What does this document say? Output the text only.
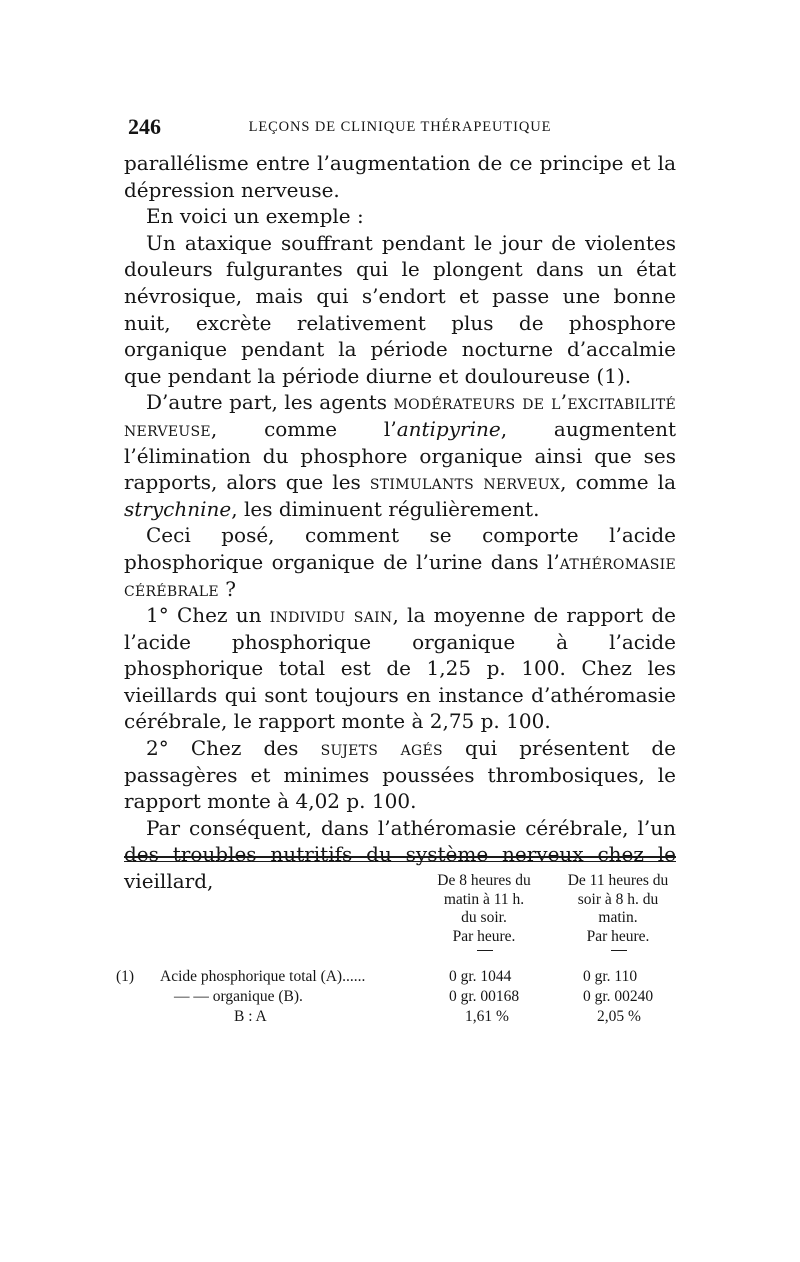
246	LEÇONS DE CLINIQUE THÉRAPEUTIQUE

parallélisme entre l’augmentation de ce principe et la dépression nerveuse.

En voici un exemple :

Un ataxique souffrant pendant le jour de violentes douleurs fulgurantes qui le plongent dans un état névrosique, mais qui s’endort et passe une bonne nuit, excrète relativement plus de phosphore organique pendant la période nocturne d’accalmie que pendant la période diurne et douloureuse (1).

D’autre part, les agents modérateurs de l’excitabilité nerveuse, comme l’antipyrine, augmentent l’élimination du phosphore organique ainsi que ses rapports, alors que les stimulants nerveux, comme la strychnine, les diminuent régulièrement.

Ceci posé, comment se comporte l’acide phosphorique organique de l’urine dans l’athéromasie cérébrale ?

1° Chez un individu sain, la moyenne de rapport de l’acide phosphorique organique à l’acide phosphorique total est de 1,25 p. 100. Chez les vieillards qui sont toujours en instance d’athéromasie cérébrale, le rapport monte à 2,75 p. 100.

2° Chez des sujets agés qui présentent de passagères et minimes poussées thrombosiques, le rapport monte à 4,02 p. 100.

Par conséquent, dans l’athéromasie cérébrale, l’un des troubles nutritifs du système nerveux chez le vieillard,	De 8 heures du
matin à 11 h.
du soir.
Par heure.
De 11 heures du
soir à 8 h. du
matin.
Par heure.
(1) Acide phosphorique total (A)......	0 gr. 1044	0 gr. 110
— — organique (B).	0 gr. 00168	0 gr. 00240
B : A	1,61 %	2,05 %
